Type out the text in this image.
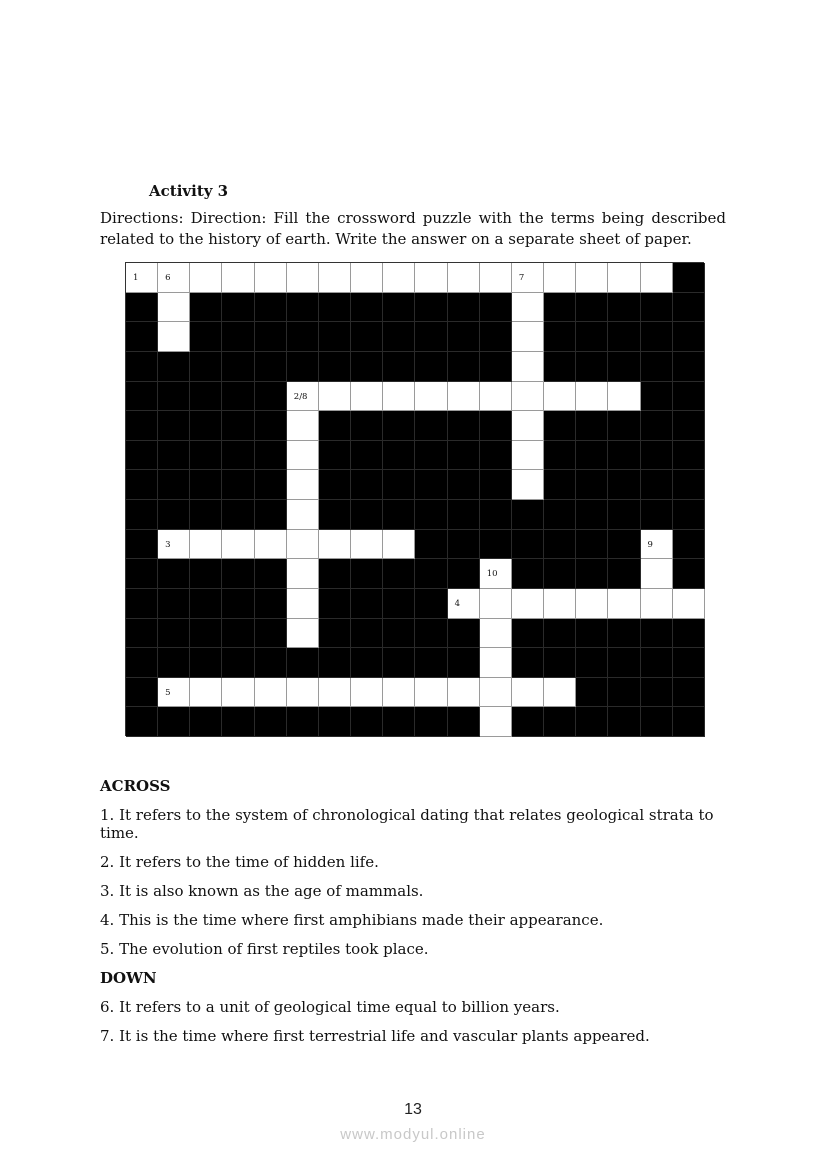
Activity 3
Directions: Direction: Fill the crossword puzzle with the terms being described
related to the history of earth. Write the answer on a separate sheet of paper.
1	6	7
2/8
3	9
10
4
5
ACROSS
1. It refers to the system of chronological dating that relates geological strata to time.
2. It refers to the time of hidden life.
3. It is also known as the age of mammals.
4. This is the time where first amphibians made their appearance.
5. The evolution of first reptiles took place.
DOWN
6. It refers to a unit of geological time equal to billion years.
7. It is the time where first terrestrial life and vascular plants appeared.
13
www.modyul.online
